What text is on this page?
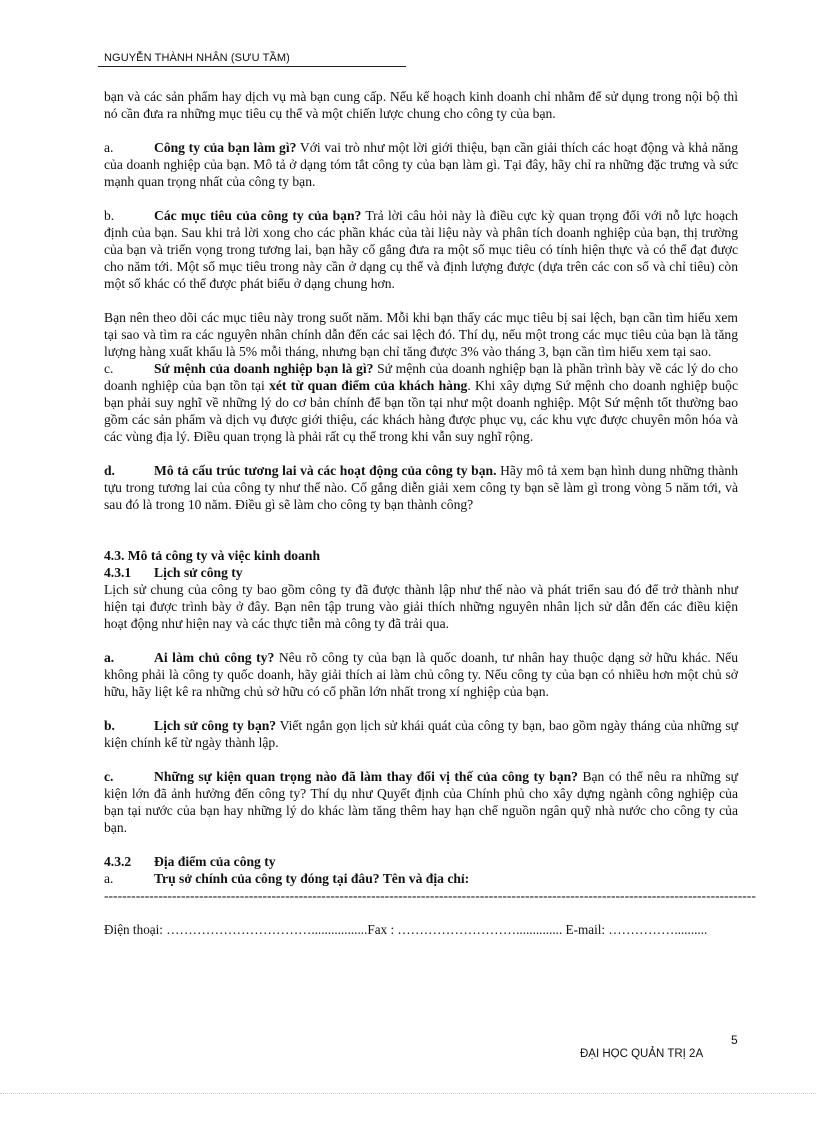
NGUYỄN THÀNH NHÂN (SƯU TẦM)

bạn và các sản phẩm hay dịch vụ mà bạn cung cấp. Nếu kế hoạch kinh doanh chỉ nhằm để sử dụng trong nội bộ thì nó cần đưa ra những mục tiêu cụ thể và một chiến lược chung cho công ty của bạn.

a.	Công ty của bạn làm gì? Với vai trò như một lời giới thiệu, bạn cần giải thích các hoạt động và khả năng của doanh nghiệp của bạn. Mô tả ở dạng tóm tắt công ty của bạn làm gì. Tại đây, hãy chỉ ra những đặc trưng và sức mạnh quan trọng nhất của công ty bạn.

b.	Các mục tiêu của công ty của bạn? Trả lời câu hỏi này là điều cực kỳ quan trọng đối với nỗ lực hoạch định của bạn. Sau khi trả lời xong cho các phần khác của tài liệu này và phân tích doanh nghiệp của bạn, thị trường của bạn và triển vọng trong tương lai, bạn hãy cố gắng đưa ra một số mục tiêu có tính hiện thực và có thể đạt được cho năm tới. Một số mục tiêu trong này cần ở dạng cụ thể và định lượng được (dựa trên các con số và chỉ tiêu) còn một số khác có thể được phát biểu ở dạng chung hơn.

Bạn nên theo dõi các mục tiêu này trong suốt năm. Mỗi khi bạn thấy các mục tiêu bị sai lệch, bạn cần tìm hiểu xem tại sao và tìm ra các nguyên nhân chính dẫn đến các sai lệch đó. Thí dụ, nếu một trong các mục tiêu của bạn là tăng lượng hàng xuất khẩu là 5% mỗi tháng, nhưng bạn chỉ tăng được 3% vào tháng 3, bạn cần tìm hiểu xem tại sao.

c.	Sứ mệnh của doanh nghiệp bạn là gì? Sứ mệnh của doanh nghiệp bạn là phần trình bày về các lý do cho doanh nghiệp của bạn tồn tại xét từ quan điểm của khách hàng. Khi xây dựng Sứ mệnh cho doanh nghiệp buộc bạn phải suy nghĩ về những lý do cơ bản chính để bạn tồn tại như một doanh nghiệp. Một Sứ mệnh tốt thường bao gồm các sản phẩm và dịch vụ được giới thiệu, các khách hàng được phục vụ, các khu vực được chuyên môn hóa và các vùng địa lý. Điều quan trọng là phải rất cụ thể trong khi vẫn suy nghĩ rộng.

d.	Mô tả cấu trúc tương lai và các hoạt động của công ty bạn. Hãy mô tả xem bạn hình dung những thành tựu trong tương lai của công ty như thế nào. Cố gắng diễn giải xem công ty bạn sẽ làm gì trong vòng 5 năm tới, và sau đó là trong 10 năm. Điều gì sẽ làm cho công ty bạn thành công?

4.3. Mô tả công ty và việc kinh doanh

4.3.1 Lịch sử công ty

Lịch sử chung của công ty bao gồm công ty đã được thành lập như thế nào và phát triển sau đó để trở thành như hiện tại được trình bày ở đây. Bạn nên tập trung vào giải thích những nguyên nhân lịch sử dẫn đến các điều kiện hoạt động như hiện nay và các thực tiễn mà công ty đã trải qua.

a.	Ai làm chủ công ty? Nêu rõ công ty của bạn là quốc doanh, tư nhân hay thuộc dạng sở hữu khác. Nếu không phải là công ty quốc doanh, hãy giải thích ai làm chủ công ty. Nếu công ty của bạn có nhiều hơn một chủ sở hữu, hãy liệt kê ra những chủ sở hữu có cổ phần lớn nhất trong xí nghiệp của bạn.

b.	Lịch sử công ty bạn? Viết ngắn gọn lịch sử khái quát của công ty bạn, bao gồm ngày tháng của những sự kiện chính kể từ ngày thành lập.

c.	Những sự kiện quan trọng nào đã làm thay đổi vị thế của công ty bạn? Bạn có thể nêu ra những sự kiện lớn đã ảnh hưởng đến công ty? Thí dụ như Quyết định của Chính phủ cho xây dựng ngành công nghiệp của bạn tại nước của bạn hay những lý do khác làm tăng thêm hay hạn chế nguồn ngân quỹ nhà nước cho công ty của bạn.

4.3.2 Địa điểm của công ty

a.	Trụ sở chính của công ty đóng tại đâu? Tên và địa chỉ:

------------------------------------------------------------------------------------------------------------------------------------------------

Điện thoại: …………………………….................Fax : ……………………….............. E-mail: ……………..........

5
ĐẠI HỌC QUẢN TRỊ 2A
